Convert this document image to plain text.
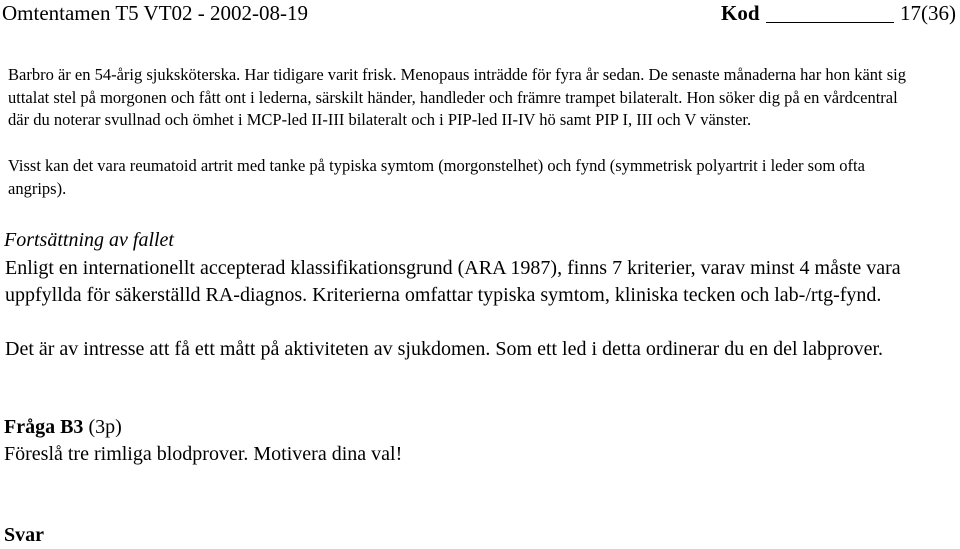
Omtentamen T5 VT02 - 2002-08-19	Kod	17(36)

Barbro är en 54-årig sjuksköterska. Har tidigare varit frisk. Menopaus inträdde för fyra år sedan. De senaste månaderna har hon känt sig uttalat stel på morgonen och fått ont i lederna, särskilt händer, handleder och främre trampet bilateralt. Hon söker dig på en vårdcentral där du noterar svullnad och ömhet i MCP-led II-III bilateralt och i PIP-led II-IV hö samt PIP I, III och V vänster.

Visst kan det vara reumatoid artrit med tanke på typiska symtom (morgonstelhet) och fynd (symmetrisk polyartrit i leder som ofta angrips).

Fortsättning av fallet

Enligt en internationellt accepterad klassifikationsgrund (ARA 1987), finns 7 kriterier, varav minst 4 måste vara uppfyllda för säkerställd RA-diagnos. Kriterierna omfattar typiska symtom, kliniska tecken och lab-/rtg-fynd.

Det är av intresse att få ett mått på aktiviteten av sjukdomen. Som ett led i detta ordinerar du en del labprover.

Fråga B3 (3p)

Föreslå tre rimliga blodprover. Motivera dina val!

Svar
